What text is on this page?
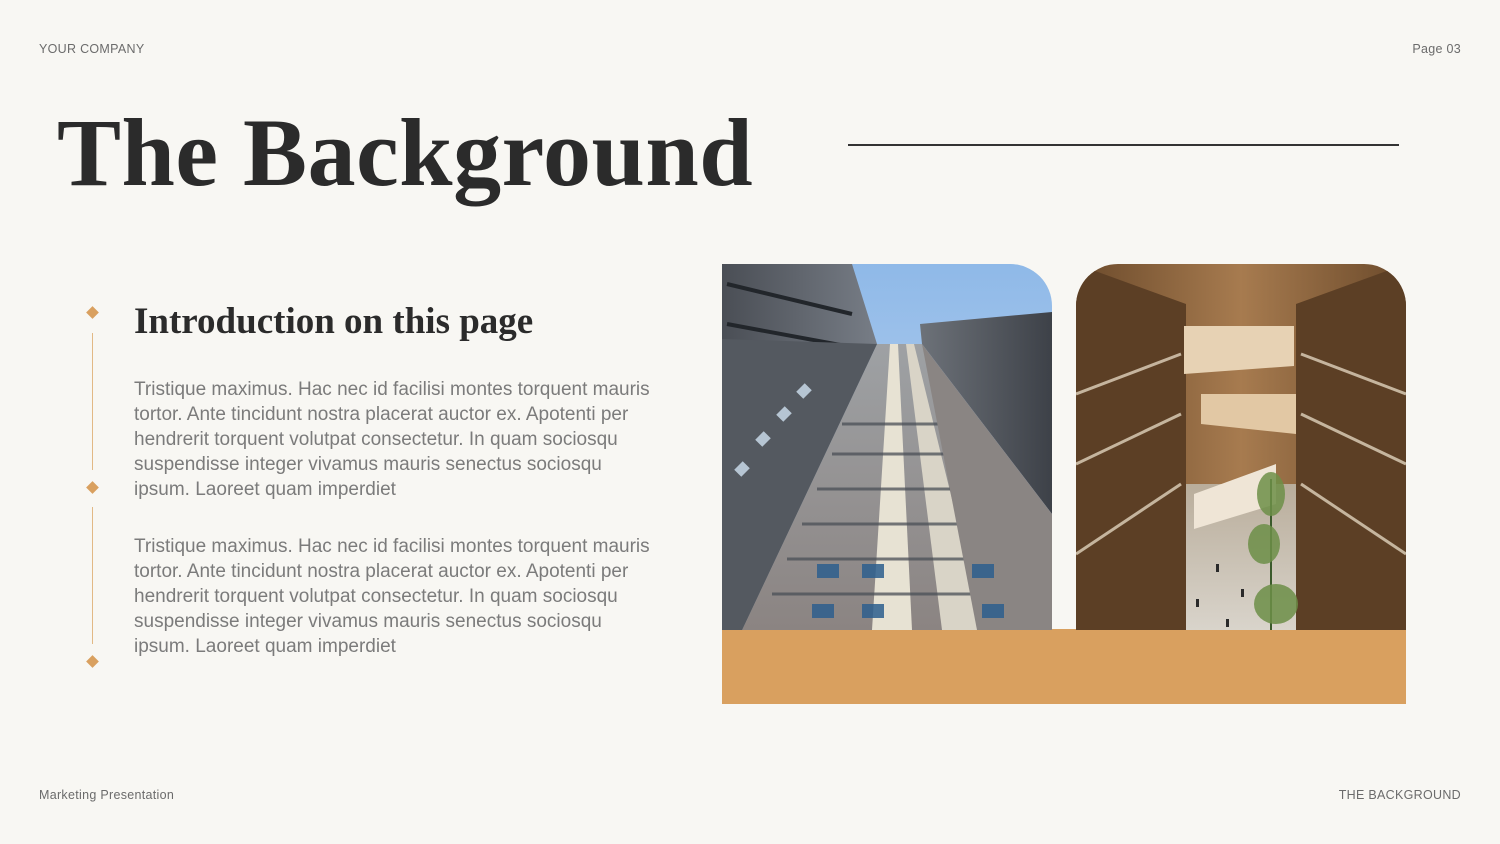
YOUR COMPANY	Page 03
The Background
Introduction on this page

Tristique maximus. Hac nec id facilisi montes torquent mauris tortor. Ante tincidunt nostra placerat auctor ex. Apotenti per hendrerit torquent volutpat consectetur. In quam sociosqu suspendisse integer vivamus mauris senectus sociosqu ipsum. Laoreet quam imperdiet

Tristique maximus. Hac nec id facilisi montes torquent mauris tortor. Ante tincidunt nostra placerat auctor ex. Apotenti per hendrerit torquent volutpat consectetur. In quam sociosqu suspendisse integer vivamus mauris senectus sociosqu ipsum. Laoreet quam imperdiet

Marketing Presentation	THE BACKGROUND
